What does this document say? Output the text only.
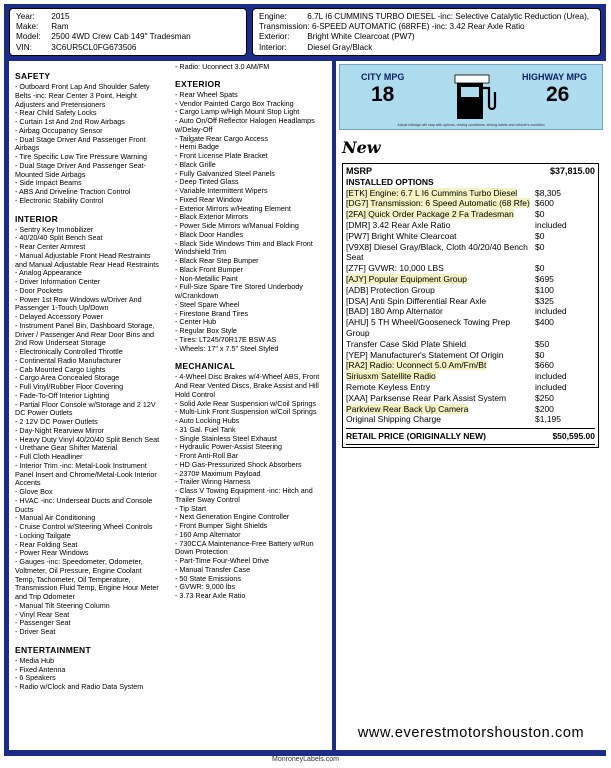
Year: 2015
Make: Ram
Model: 2500 4WD Crew Cab 149" Tradesman
VIN: 3C6UR5CL0FG673506
Engine:	6.7L I6 CUMMINS TURBO DIESEL -inc: Selective Catalytic Reduction (Urea),
Transmission: 6-SPEED AUTOMATIC (68RFE) -inc: 3.42 Rear Axle Ratio
Exterior: Bright White Clearcoat (PW7)
Interior:	Diesel Gray/Black
SAFETY
- Outboard Front Lap And Shoulder Safety Belts -inc: Rear Center 3 Point, Height Adjusters and Pretensioners
- Rear Child Safety Locks
- Curtain 1st And 2nd Row Airbags
- Airbag Occupancy Sensor
- Dual Stage Driver And Passenger Front Airbags
- Tire Specific Low Tire Pressure Warning
- Dual Stage Driver And Passenger Seat-Mounted Side Airbags
- Side Impact Beams
- ABS And Driveline Traction Control
- Electronic Stability Control
INTERIOR
- Sentry Key Immobilizer
- 40/20/40 Split Bench Seat
- Rear Center Armrest
- Manual Adjustable Front Head Restraints and Manual Adjustable Rear Head Restraints
- Analog Appearance
- Driver Information Center
- Door Pockets
- Power 1st Row Windows w/Driver And Passenger 1-Touch Up/Down
- Delayed Accessory Power
- Instrument Panel Bin, Dashboard Storage, Driver / Passenger And Rear Door Bins and 2nd Row Underseat Storage
- Electronically Controlled Throttle
- Continental Radio Manufacturer
- Cab Mounted Cargo Lights
- Cargo Area Concealed Storage
- Full Vinyl/Rubber Floor Covering
- Fade-To-Off Interior Lighting
- Partial Floor Console w/Storage and 2 12V DC Power Outlets
- 2 12V DC Power Outlets
- Day-Night Rearview Mirror
- Heavy Duty Vinyl 40/20/40 Split Bench Seat
- Urethane Gear Shifter Material
- Full Cloth Headliner
- Interior Trim -inc: Metal-Look Instrument Panel Insert and Chrome/Metal-Look Interior Accents
- Glove Box
- HVAC -inc: Underseat Ducts and Console Ducts
- Manual Air Conditioning
- Cruise Control w/Steering Wheel Controls
- Locking Tailgate
- Rear Folding Seat
- Power Rear Windows
- Gauges -inc: Speedometer, Odometer, Voltmeter, Oil Pressure, Engine Coolant Temp, Tachometer, Oil Temperature, Transmission Fluid Temp, Engine Hour Meter and Trip Odometer
- Manual Tilt Steering Column
- Vinyl Rear Seat
- Passenger Seat
- Driver Seat
ENTERTAINMENT
- Media Hub
- Fixed Antenna
- 6 Speakers
- Radio w/Clock and Radio Data System
- Radio: Uconnect 3.0 AM/FM
EXTERIOR
- Rear Wheel Spats
- Vendor Painted Cargo Box Tracking
- Cargo Lamp w/High Mount Stop Light
- Auto On/Off Reflector Halogen Headlamps w/Delay-Off
- Tailgate Rear Cargo Access
- Hemi Badge
- Front License Plate Bracket
- Black Grille
- Fully Galvanized Steel Panels
- Deep Tinted Glass
- Variable Intermittent Wipers
- Fixed Rear Window
- Exterior Mirrors w/Heating Element
- Black Exterior Mirrors
- Power Side Mirrors w/Manual Folding
- Black Door Handles
- Black Side Windows Trim and Black Front Windshield Trim
- Black Rear Step Bumper
- Black Front Bumper
- Non-Metallic Paint
- Full-Size Spare Tire Stored Underbody w/Crankdown
- Steel Spare Wheel
- Firestone Brand Tires
- Center Hub
- Regular Box Style
- Tires: LT245/70R17E BSW AS
- Wheels: 17" x 7.5" Steel Styled
MECHANICAL
- 4-Wheel Disc Brakes w/4-Wheel ABS, Front And Rear Vented Discs, Brake Assist and Hill Hold Control
- Solid Axle Rear Suspension w/Coil Springs
- Multi-Link Front Suspension w/Coil Springs
- Auto Locking Hubs
- 31 Gal. Fuel Tank
- Single Stainless Steel Exhaust
- Hydraulic Power-Assist Steering
- Front Anti-Roll Bar
- HD Gas-Pressurized Shock Absorbers
- 2370# Maximum Payload
- Trailer Wiring Harness
- Class V Towing Equipment -inc: Hitch and Trailer Sway Control
- Tip Start
- Next Generation Engine Controller
- Front Bumper Sight Shields
- 160 Amp Alternator
- 730CCA Maintenance-Free Battery w/Run Down Protection
- Part-Time Four-Wheel Drive
- Manual Transfer Case
- 50 State Emissions
- GVWR: 9,000 lbs
- 3.73 Rear Axle Ratio
CITY MPG
18
HIGHWAY MPG
26
Actual mileage will vary with options, driving conditions, driving habits and vehicle's condition
New
MSRP	$37,815.00
INSTALLED OPTIONS
[ETK] Engine: 6.7 L I6 Cummins Turbo Diesel	$8,305
[DG7] Transmission: 6 Speed Automatic (68 Rfe) $600
[2FA] Quick Order Package 2 Fa Tradesman	$0
[DMR] 3.42 Rear Axle Ratio	included
[PW7] Bright White Clearcoat	$0
[V9X8] Diesel Gray/Black, Cloth 40/20/40 Bench Seat
$0
[Z7F] GVWR: 10,000 LBS	$0
[AJY] Popular Equipment Group	$695
[ADB] Protection Group	$100
[DSA] Anti Spin Differential Rear Axle	$325
[BAD] 180 Amp Alternator	included
[AHU] 5 TH Wheel/Gooseneck Towing Prep Group
$400
Transfer Case Skid Plate Shield	$50
[YEP] Manufacturer's Statement Of Origin	$0
[RA2] Radio: Uconnect 5.0 Am/Fm/Bt	$660
Siriusxm Satellite Radio	included
Remote Keyless Entry	included
[XAA] Parksense Rear Park Assist System	$250
Parkview Rear Back Up Camera	$200
Original Shipping Charge	$1,195
RETAIL PRICE (ORIGINALLY NEW)	$50,595.00
www.everestmotorshouston.com
MonroneyLabels.com
